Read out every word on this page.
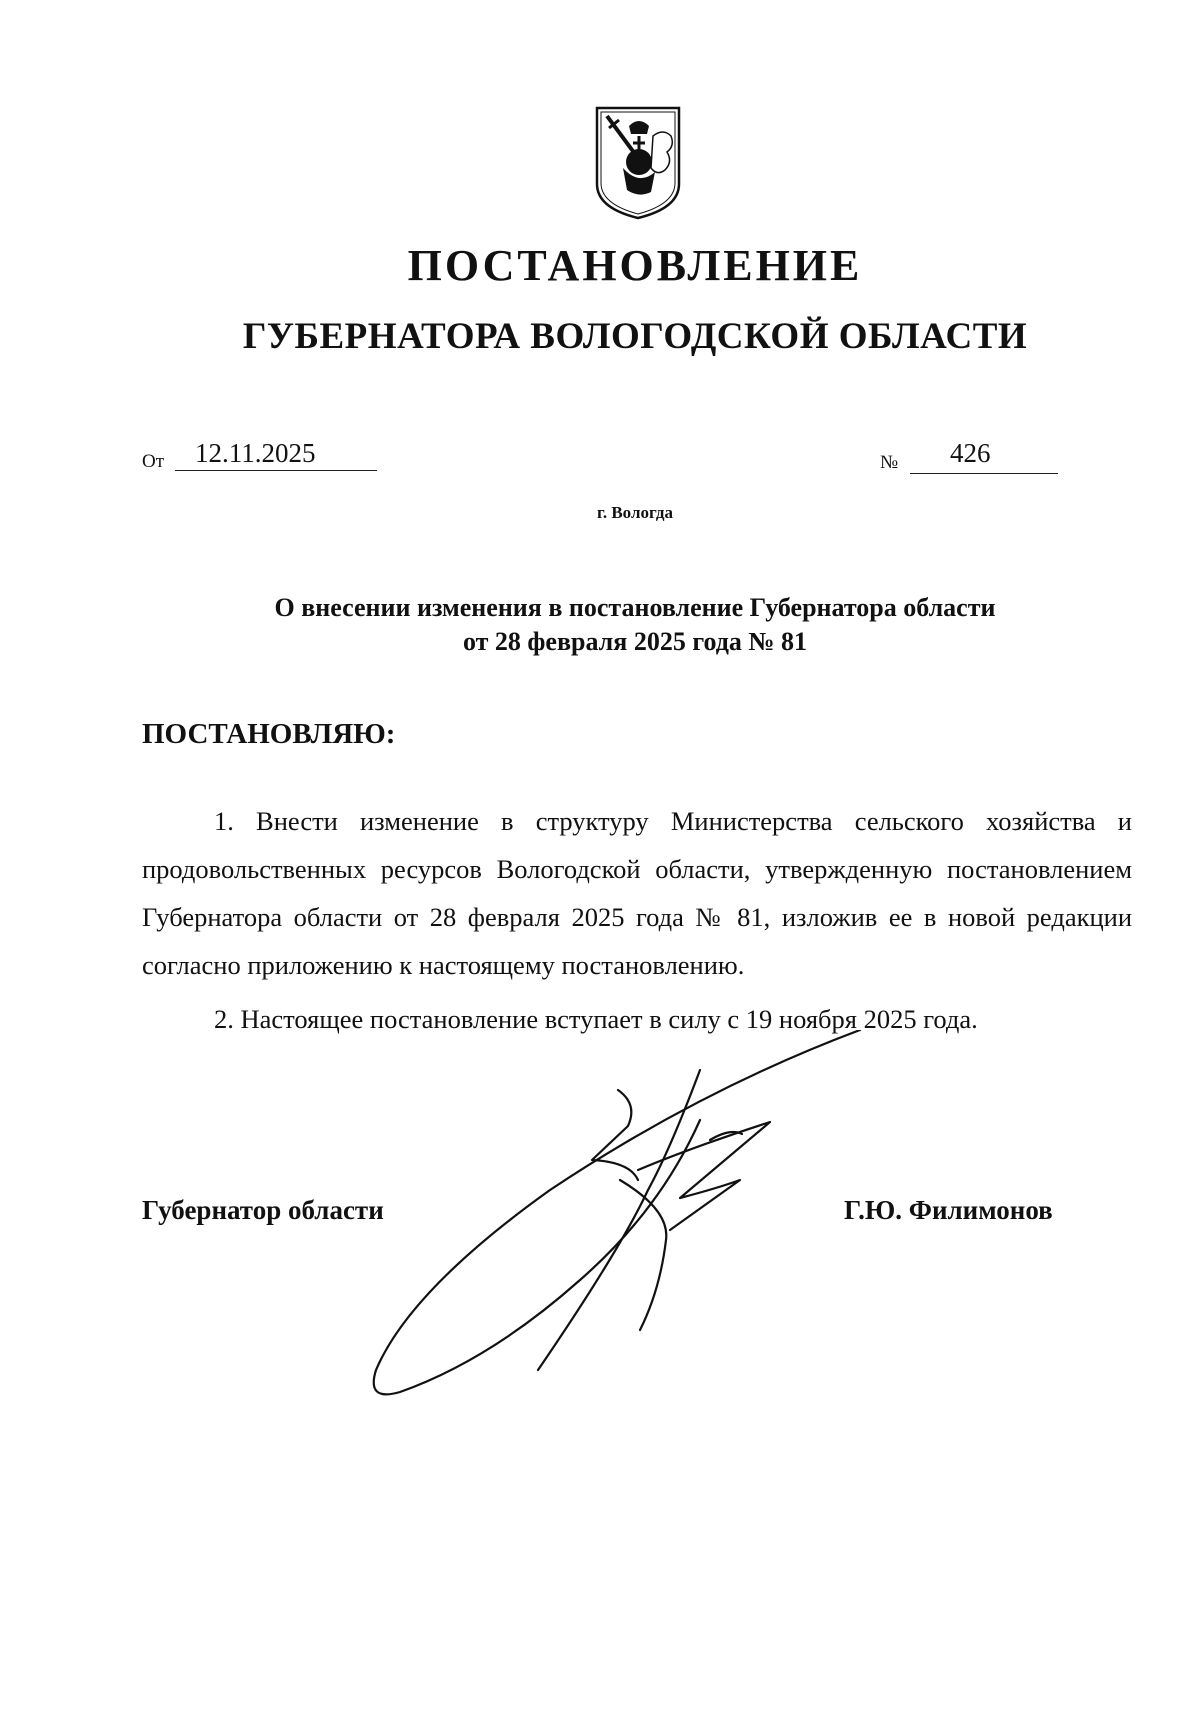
ПОСТАНОВЛЕНИЕ
ГУБЕРНАТОРА ВОЛОГОДСКОЙ ОБЛАСТИ
От 12.11.2025	№ 426
г. Вологда
О внесении изменения в постановление Губернатора области
от 28 февраля 2025 года № 81
ПОСТАНОВЛЯЮ:

1. Внести изменение в структуру Министерства сельского хозяйства и продовольственных ресурсов Вологодской области, утвержденную постановлением Губернатора области от 28 февраля 2025 года № 81, изложив ее в новой редакции согласно приложению к настоящему постановлению.

2. Настоящее постановление вступает в силу с 19 ноября 2025 года.

Губернатор области	Г.Ю. Филимонов
